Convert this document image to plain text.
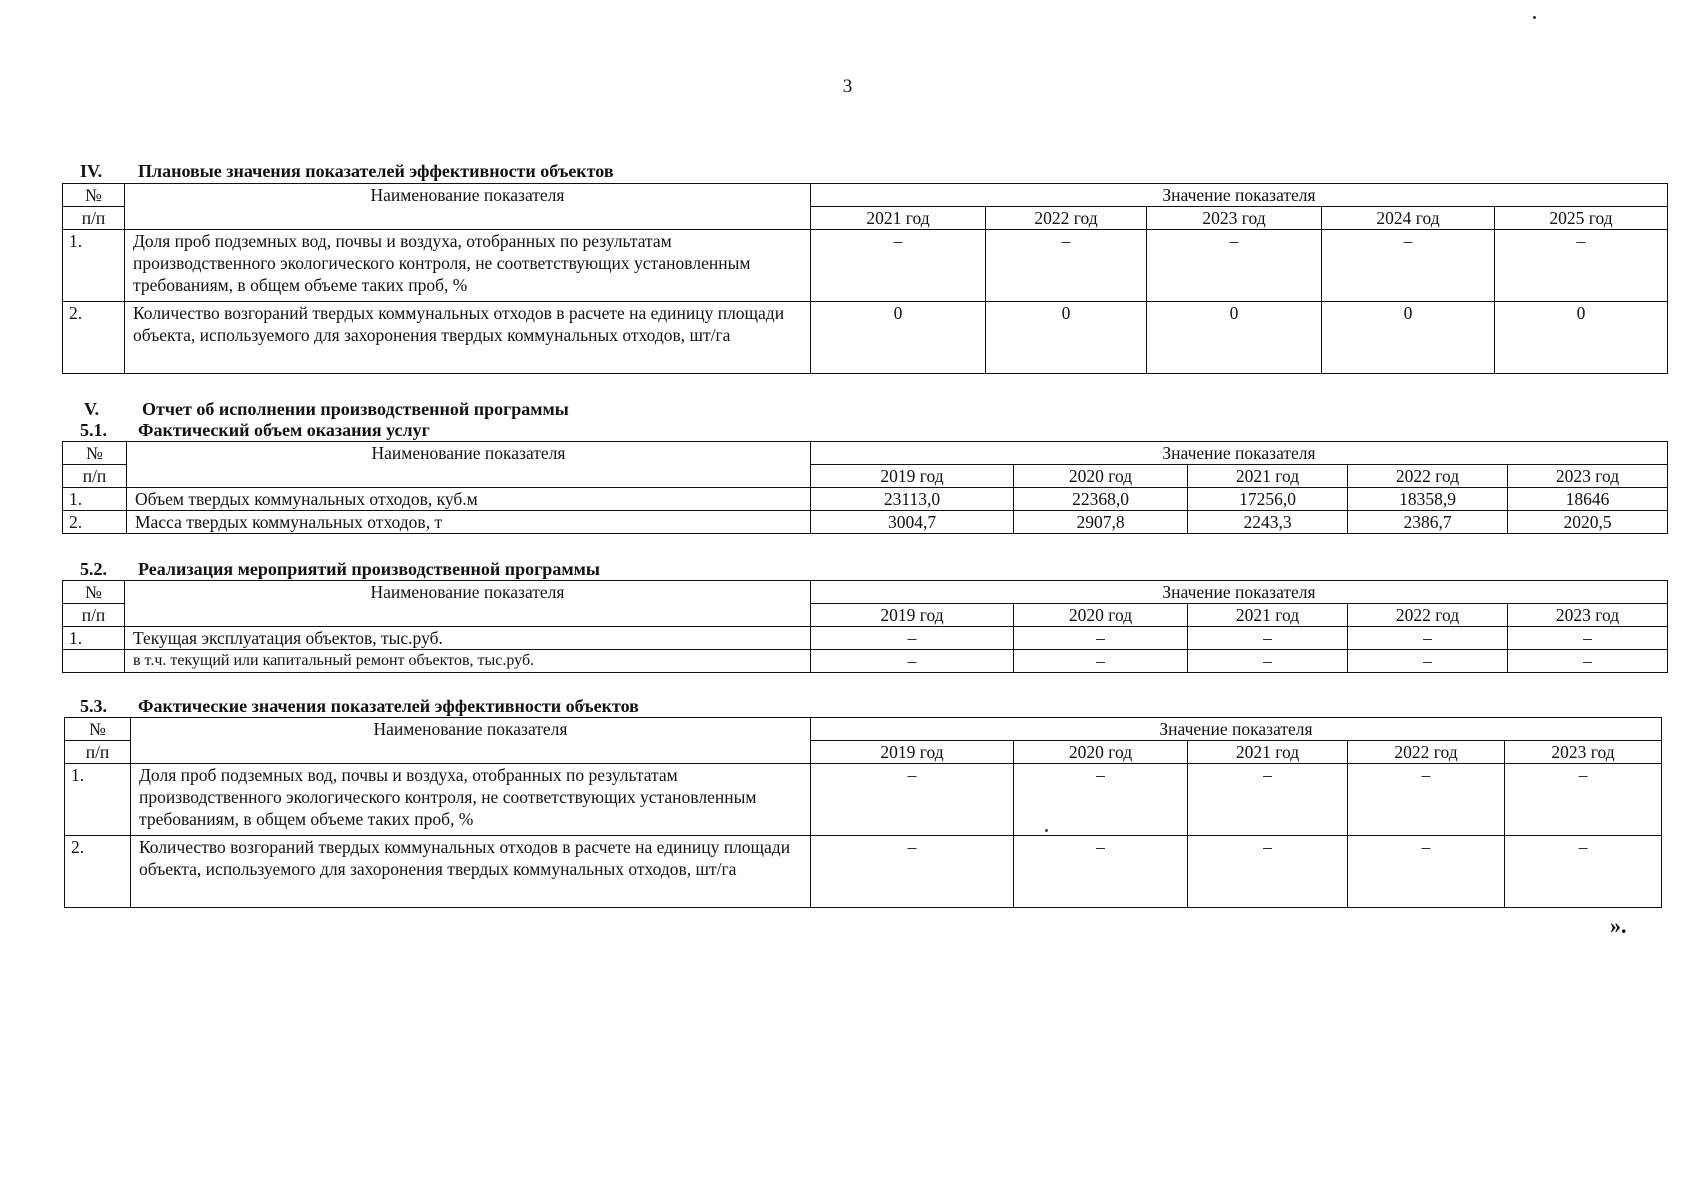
3
IV. Плановые значения показателей эффективности объектов
№	Наименование показателя	Значение показателя				
п/п		2021 год	2022 год	2023 год	2024 год	2025 год
1.	Доля проб подземных вод, почвы и воздуха, отобранных по результатам производственного экологического контроля, не соответствующих установленным требованиям, в общем объеме таких проб, %	–	–	–	–	–
2.	Количество возгораний твердых коммунальных отходов в расчете на единицу площади объекта, используемого для захоронения твердых коммунальных отходов, шт/га	0	0	0	0	0
V. Отчет об исполнении производственной программы
5.1. Фактический объем оказания услуг
№	Наименование показателя	Значение показателя				
п/п		2019 год	2020 год	2021 год	2022 год	2023 год
1.	Объем твердых коммунальных отходов, куб.м	23113,0	22368,0	17256,0	18358,9	18646
2.	Масса твердых коммунальных отходов, т	3004,7	2907,8	2243,3	2386,7	2020,5
5.2. Реализация мероприятий производственной программы
№	Наименование показателя	Значение показателя				
п/п		2019 год	2020 год	2021 год	2022 год	2023 год
1.	Текущая эксплуатация объектов, тыс.руб.	–	–	–	–	–
	в т.ч. текущий или капитальный ремонт объектов, тыс.руб.	–	–	–	–	–
5.3. Фактические значения показателей эффективности объектов
№	Наименование показателя	Значение показателя				
п/п		2019 год	2020 год	2021 год	2022 год	2023 год
1.	Доля проб подземных вод, почвы и воздуха, отобранных по результатам производственного экологического контроля, не соответствующих установленным требованиям, в общем объеме таких проб, %	–	–	–	–	–
2.	Количество возгораний твердых коммунальных отходов в расчете на единицу площади объекта, используемого для захоронения твердых коммунальных отходов, шт/га	–	–	–	–	–
».
